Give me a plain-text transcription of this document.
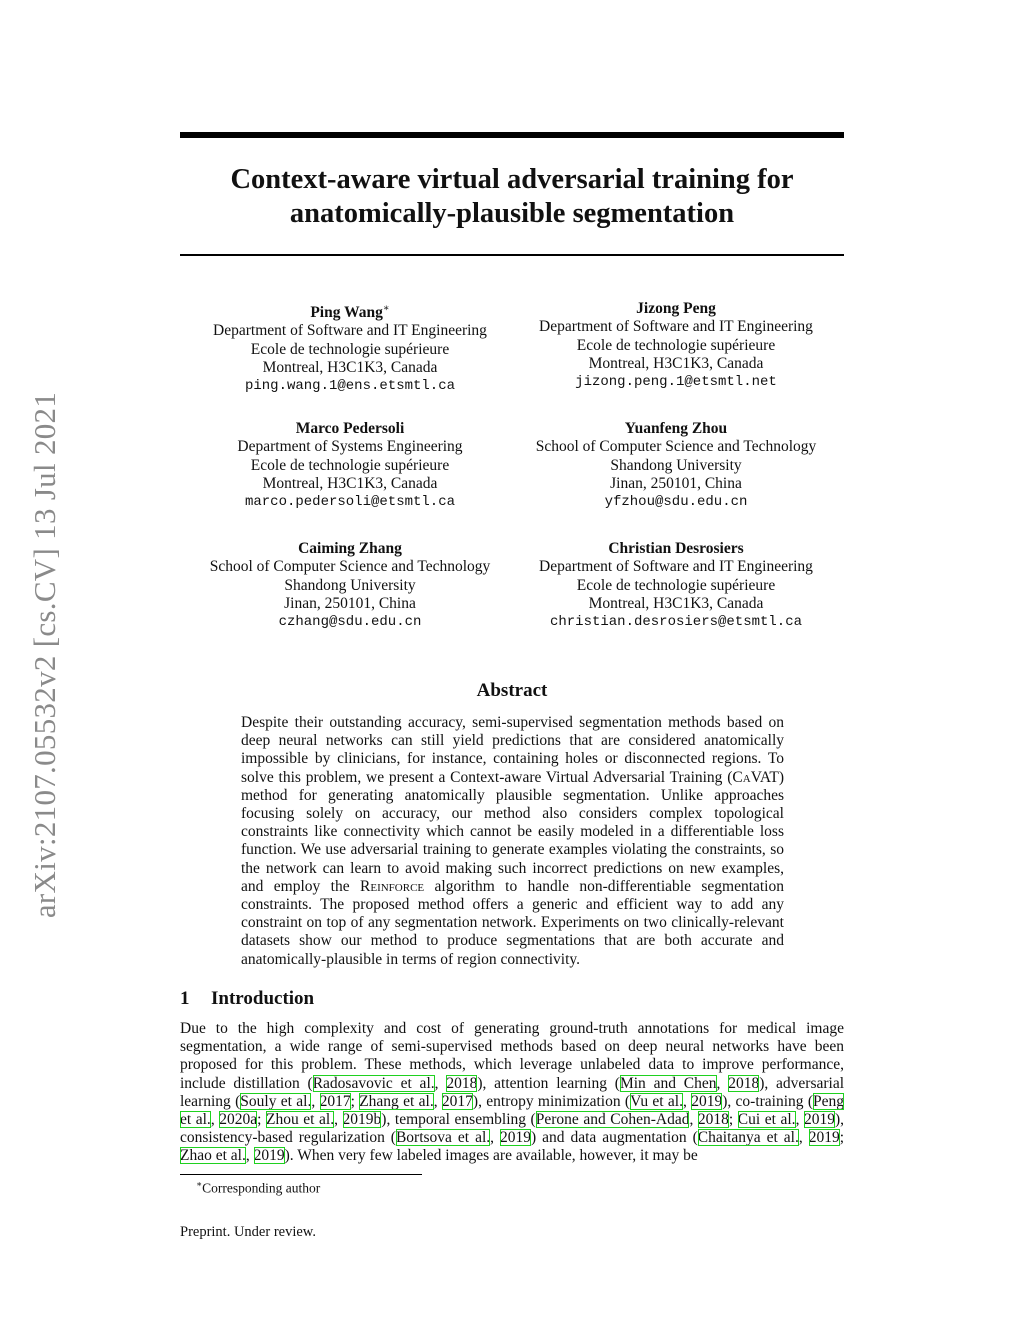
arXiv:2107.05532v2 [cs.CV] 13 Jul 2021
Context-aware virtual adversarial training for anatomically-plausible segmentation
Ping Wang∗
Department of Software and IT Engineering
Ecole de technologie supérieure
Montreal, H3C1K3, Canada
ping.wang.1@ens.etsmtl.ca
Jizong Peng
Department of Software and IT Engineering
Ecole de technologie supérieure
Montreal, H3C1K3, Canada
jizong.peng.1@etsmtl.net
Marco Pedersoli
Department of Systems Engineering
Ecole de technologie supérieure
Montreal, H3C1K3, Canada
marco.pedersoli@etsmtl.ca
Yuanfeng Zhou
School of Computer Science and Technology
Shandong University
Jinan, 250101, China
yfzhou@sdu.edu.cn
Caiming Zhang
School of Computer Science and Technology
Shandong University
Jinan, 250101, China
czhang@sdu.edu.cn
Christian Desrosiers
Department of Software and IT Engineering
Ecole de technologie supérieure
Montreal, H3C1K3, Canada
christian.desrosiers@etsmtl.ca
Abstract
Despite their outstanding accuracy, semi-supervised segmentation methods based on deep neural networks can still yield predictions that are considered anatomically impossible by clinicians, for instance, containing holes or disconnected regions. To solve this problem, we present a Context-aware Virtual Adversarial Training (CaVAT) method for generating anatomically plausible segmentation. Unlike approaches focusing solely on accuracy, our method also considers complex topological constraints like connectivity which cannot be easily modeled in a differentiable loss function. We use adversarial training to generate examples violating the constraints, so the network can learn to avoid making such incorrect predictions on new examples, and employ the Reinforce algorithm to handle non-differentiable segmentation constraints. The proposed method offers a generic and efficient way to add any constraint on top of any segmentation network. Experiments on two clinically-relevant datasets show our method to produce segmentations that are both accurate and anatomically-plausible in terms of region connectivity.
1 Introduction
Due to the high complexity and cost of generating ground-truth annotations for medical image segmentation, a wide range of semi-supervised methods based on deep neural networks have been proposed for this problem. These methods, which leverage unlabeled data to improve performance, include distillation (Radosavovic et al., 2018), attention learning (Min and Chen, 2018), adversarial learning (Souly et al., 2017; Zhang et al., 2017), entropy minimization (Vu et al., 2019), co-training (Peng et al., 2020a; Zhou et al., 2019b), temporal ensembling (Perone and Cohen-Adad, 2018; Cui et al., 2019), consistency-based regularization (Bortsova et al., 2019) and data augmentation (Chaitanya et al., 2019; Zhao et al., 2019). When very few labeled images are available, however, it may be
∗Corresponding author
Preprint. Under review.
